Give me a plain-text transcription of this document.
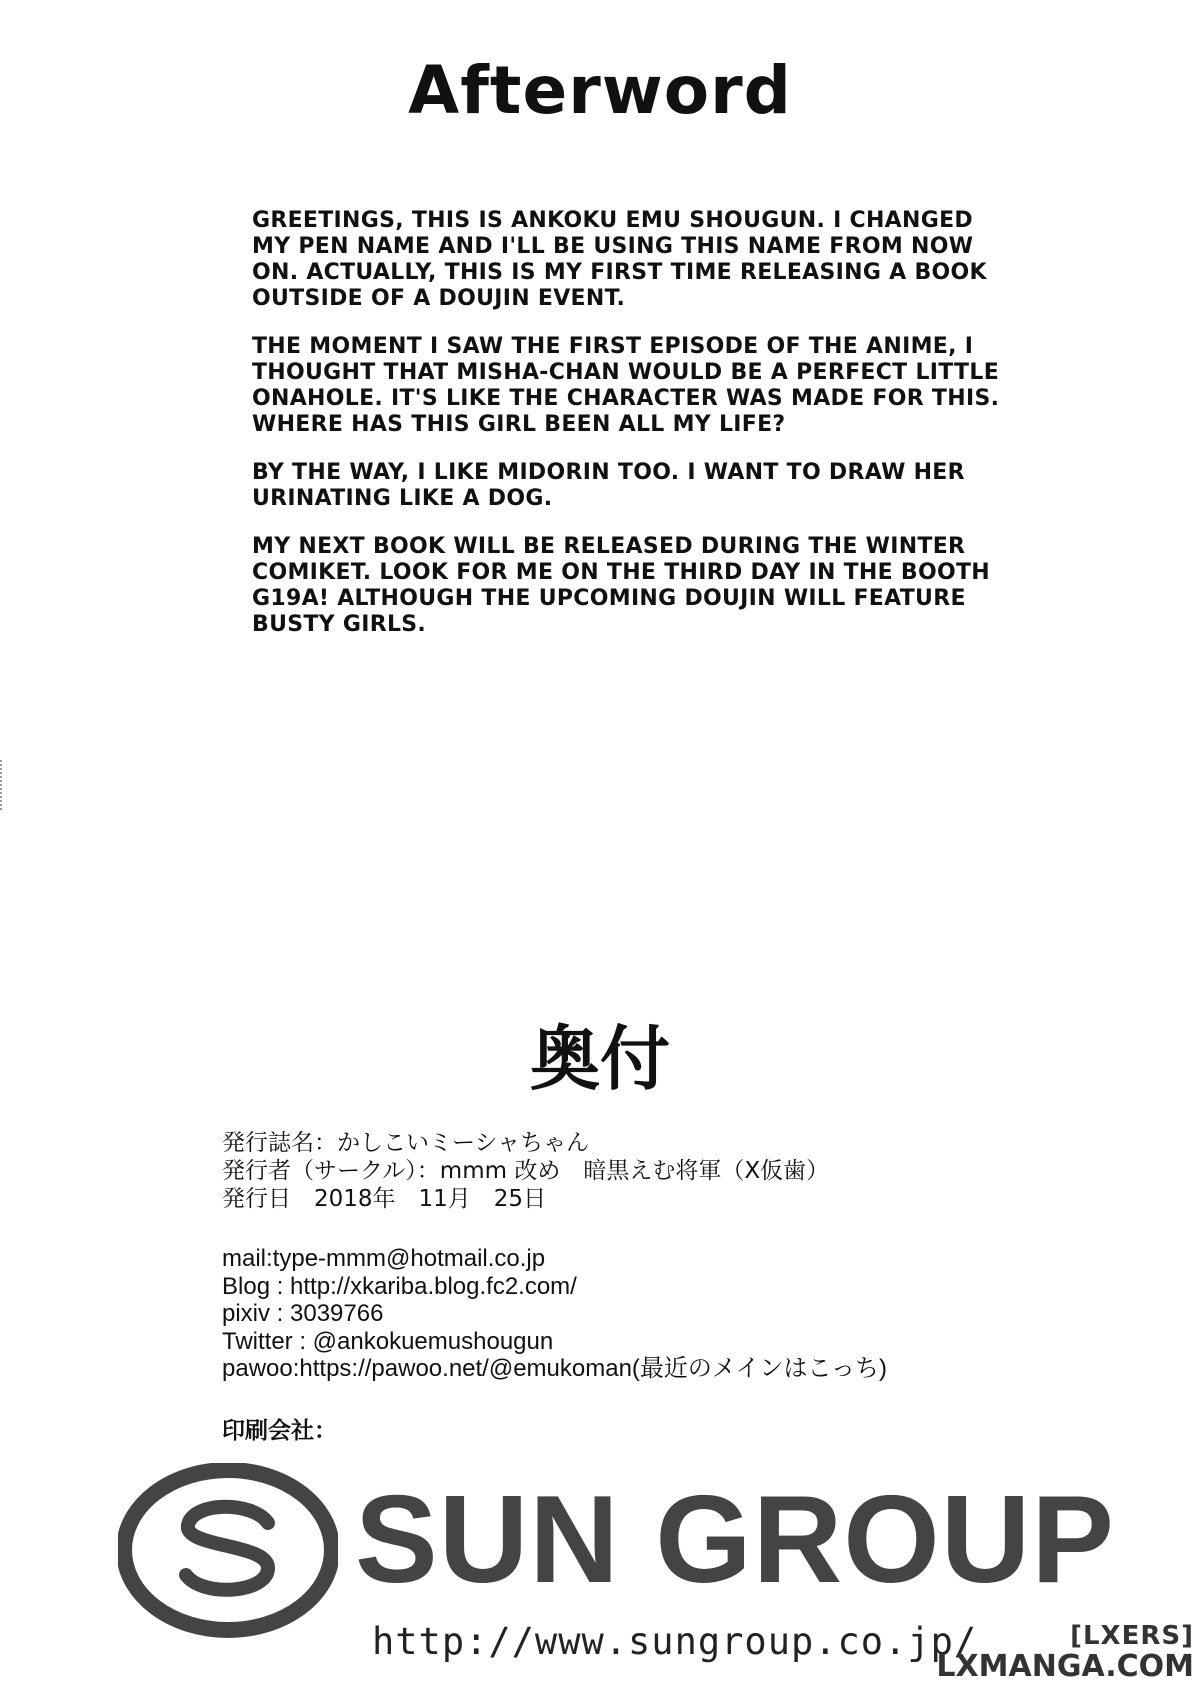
Afterword

GREETINGS, THIS IS ANKOKU EMU SHOUGUN. I CHANGED MY PEN NAME AND I'LL BE USING THIS NAME FROM NOW ON. ACTUALLY, THIS IS MY FIRST TIME RELEASING A BOOK OUTSIDE OF A DOUJIN EVENT.

THE MOMENT I SAW THE FIRST EPISODE OF THE ANIME, I THOUGHT THAT MISHA-CHAN WOULD BE A PERFECT LITTLE ONAHOLE. IT'S LIKE THE CHARACTER WAS MADE FOR THIS. WHERE HAS THIS GIRL BEEN ALL MY LIFE?

BY THE WAY, I LIKE MIDORIN TOO. I WANT TO DRAW HER URINATING LIKE A DOG.

MY NEXT BOOK WILL BE RELEASED DURING THE WINTER COMIKET. LOOK FOR ME ON THE THIRD DAY IN THE BOOTH G19A! ALTHOUGH THE UPCOMING DOUJIN WILL FEATURE BUSTY GIRLS.

奥付
発行誌名：かしこいミーシャちゃん
発行者（サークル）：mmm 改め　暗黒えむ将軍（X仮歯）
発行日　2018年　11月　25日
mail:type-mmm@hotmail.co.jp
Blog : http://xkariba.blog.fc2.com/
pixiv : 3039766
Twitter : @ankokuemushougun
pawoo:https://pawoo.net/@emukoman(最近のメインはこっち)
印刷会社：
SUN GROUP
http://www.sungroup.co.jp/	[LXERS]
LXMANGA.COM
